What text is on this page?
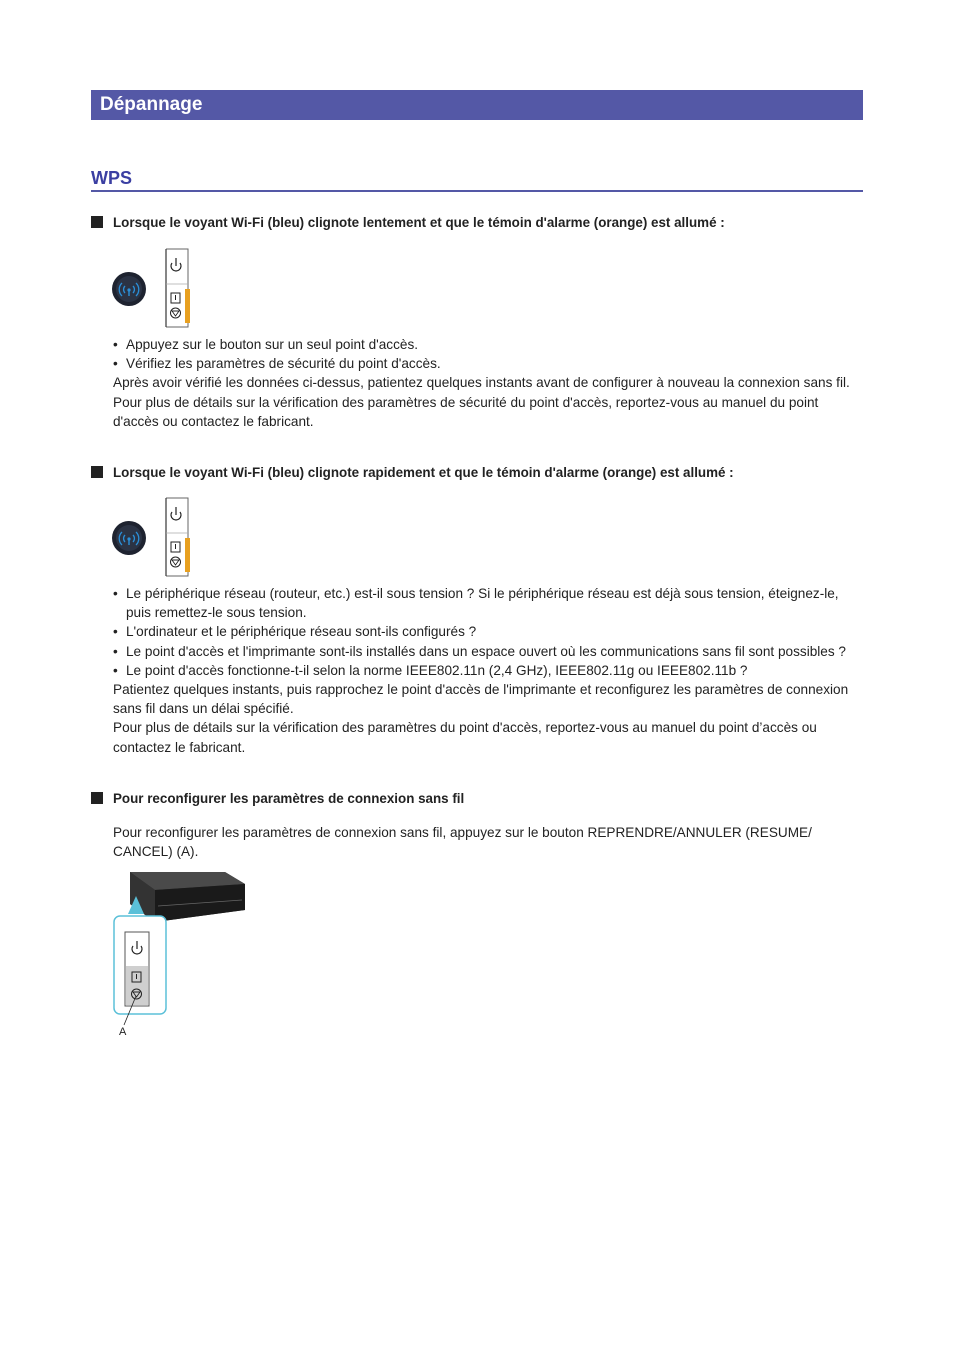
Dépannage
WPS
Lorsque le voyant Wi-Fi (bleu) clignote lentement et que le témoin d'alarme (orange) est allumé :
• Appuyez sur le bouton sur un seul point d'accès.
• Vérifiez les paramètres de sécurité du point d'accès.

Après avoir vérifié les données ci-dessus, patientez quelques instants avant de configurer à nouveau la connexion sans fil.

Pour plus de détails sur la vérification des paramètres de sécurité du point d'accès, reportez-vous au manuel du point d'accès ou contactez le fabricant.

Lorsque le voyant Wi-Fi (bleu) clignote rapidement et que le témoin d'alarme (orange) est allumé :
• Le périphérique réseau (routeur, etc.) est-il sous tension ? Si le périphérique réseau est déjà sous tension, éteignez-le, puis remettez-le sous tension.
• L'ordinateur et le périphérique réseau sont-ils configurés ?
• Le point d'accès et l'imprimante sont-ils installés dans un espace ouvert où les communications sans fil sont possibles ?
• Le point d'accès fonctionne-t-il selon la norme IEEE802.11n (2,4 GHz), IEEE802.11g ou IEEE802.11b ?

Patientez quelques instants, puis rapprochez le point d'accès de l'imprimante et reconfigurez les paramètres de connexion sans fil dans un délai spécifié.

Pour plus de détails sur la vérification des paramètres du point d'accès, reportez-vous au manuel du point d’accès ou contactez le fabricant.

Pour reconfigurer les paramètres de connexion sans fil

Pour reconfigurer les paramètres de connexion sans fil, appuyez sur le bouton REPRENDRE/ANNULER (RESUME/ CANCEL) (A).

A
